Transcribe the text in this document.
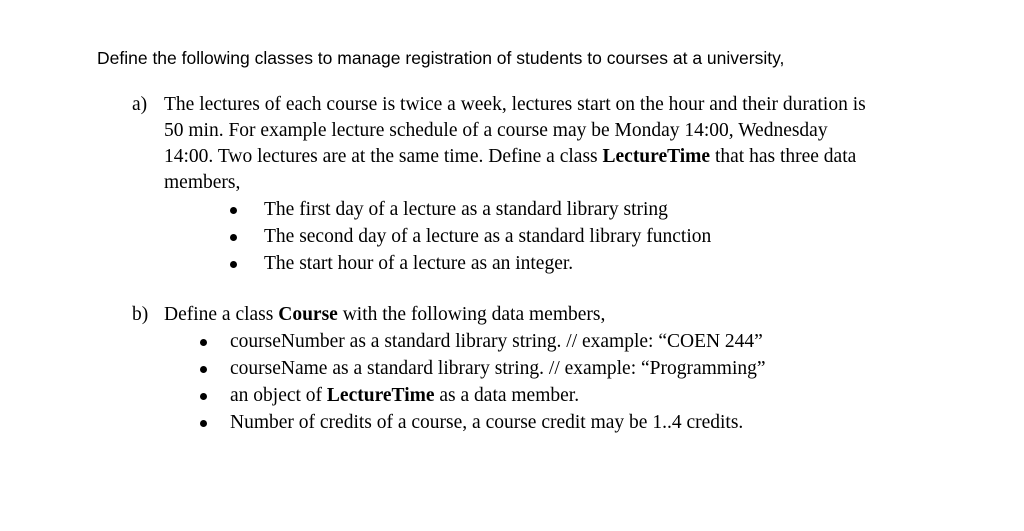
Define the following classes to manage registration of students to courses at a university,
a) The lectures of each course is twice a week, lectures start on the hour and their duration is
50 min. For example lecture schedule of a course may be Monday 14:00, Wednesday
14:00. Two lectures are at the same time. Define a class LectureTime that has three data
members,
The first day of a lecture as a standard library string
The second day of a lecture as a standard library function
The start hour of a lecture as an integer.
b) Define a class Course with the following data members,
courseNumber as a standard library string. // example: “COEN 244”
courseName as a standard library string. // example: “Programming”
an object of LectureTime as a data member.
Number of credits of a course, a course credit may be 1..4 credits.
